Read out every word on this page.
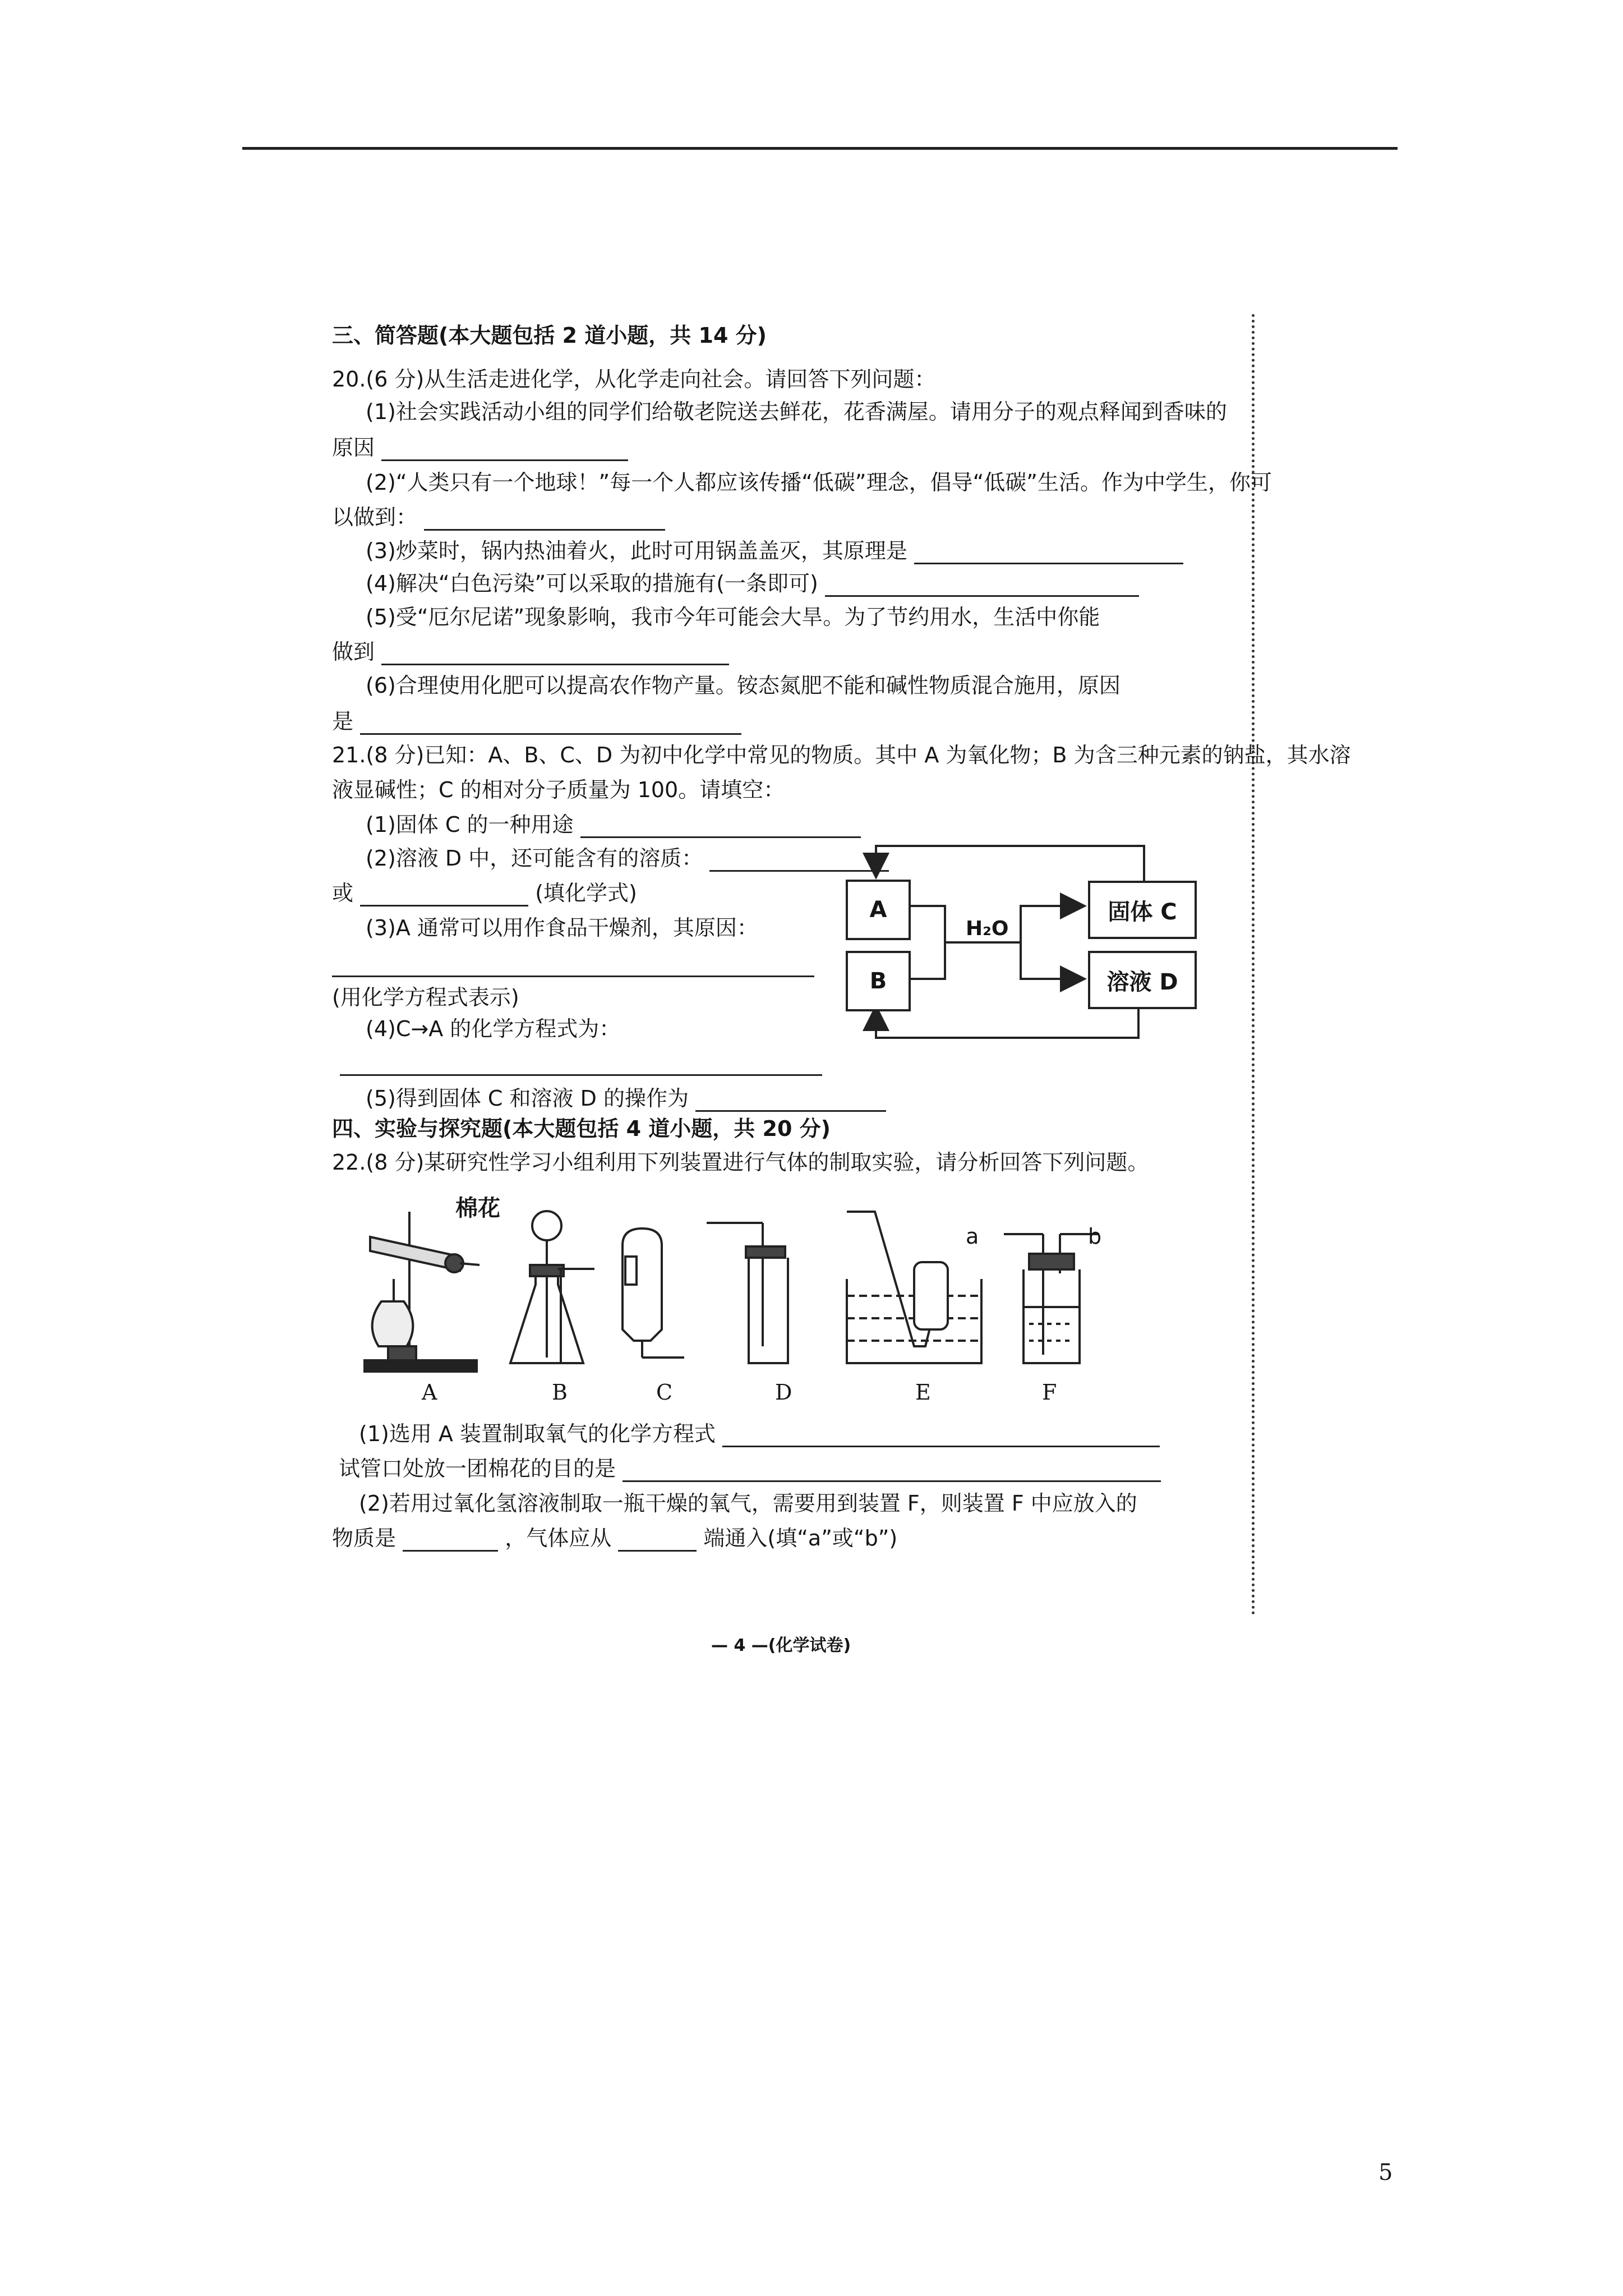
三、简答题(本大题包括 2 道小题，共 14 分)
20.(6 分)从生活走进化学，从化学走向社会。请回答下列问题：
(1)社会实践活动小组的同学们给敬老院送去鲜花，花香满屋。请用分子的观点释闻到香味的
原因
(2)“人类只有一个地球！”每一个人都应该传播“低碳”理念，倡导“低碳”生活。作为中学生，你可
以做到：
(3)炒菜时，锅内热油着火，此时可用锅盖盖灭，其原理是
(4)解决“白色污染”可以采取的措施有(一条即可)
(5)受“厄尔尼诺”现象影响，我市今年可能会大旱。为了节约用水，生活中你能
做到
(6)合理使用化肥可以提高农作物产量。铵态氮肥不能和碱性物质混合施用，原因
是
21.(8 分)已知：A、B、C、D 为初中化学中常见的物质。其中 A 为氧化物；B 为含三种元素的钠盐，其水溶
液显碱性；C 的相对分子质量为 100。请填空：
(1)固体 C 的一种用途
(2)溶液 D 中，还可能含有的溶质：
或	(填化学式)
(3)A 通常可以用作食品干燥剂，其原因：
(用化学方程式表示)
(4)C→A 的化学方程式为：
(5)得到固体 C 和溶液 D 的操作为
A
B
H₂O
固体 C
溶液 D
四、实验与探究题(本大题包括 4 道小题，共 20 分)
22.(8 分)某研究性学习小组利用下列装置进行气体的制取实验，请分析回答下列问题。
棉花
a	b
A	B	C	D	E	F
(1)选用 A 装置制取氧气的化学方程式
试管口处放一团棉花的目的是
(2)若用过氧化氢溶液制取一瓶干燥的氧气，需要用到装置 F，则装置 F 中应放入的
物质是	，气体应从	端通入(填“a”或“b”)
— 4 —(化学试卷)
5
